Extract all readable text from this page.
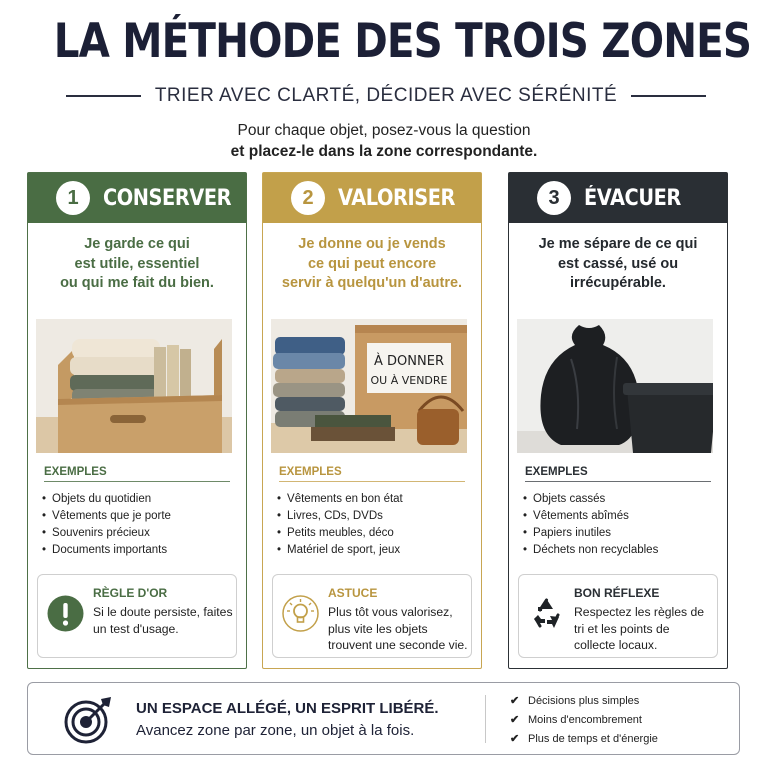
LA MÉTHODE DES TROIS ZONES
TRIER AVEC CLARTÉ, DÉCIDER AVEC SÉRÉNITÉ
Pour chaque objet, posez-vous la question
et placez-le dans la zone correspondante.
1	CONSERVER
Je garde ce qui
est utile, essentiel
ou qui me fait du bien.
EXEMPLES
• Objets du quotidien
• Vêtements que je porte
• Souvenirs précieux
• Documents importants
RÈGLE D'OR
Si le doute persiste, faites un test d'usage.
2	VALORISER
Je donne ou je vends
ce qui peut encore
servir à quelqu'un d'autre.
À DONNER
OU À VENDRE
EXEMPLES
• Vêtements en bon état
• Livres, CDs, DVDs
• Petits meubles, déco
• Matériel de sport, jeux
ASTUCE
Plus tôt vous valorisez, plus vite les objets trouvent une seconde vie.
3	ÉVACUER
Je me sépare de ce qui
est cassé, usé ou
irrécupérable.
EXEMPLES
• Objets cassés
• Vêtements abîmés
• Papiers inutiles
• Déchets non recyclables
BON RÉFLEXE
Respectez les règles de tri et les points de collecte locaux.
UN ESPACE ALLÉGÉ, UN ESPRIT LIBÉRÉ.
Avancez zone par zone, un objet à la fois.
✔ Décisions plus simples
✔ Moins d'encombrement
✔ Plus de temps et d'énergie
